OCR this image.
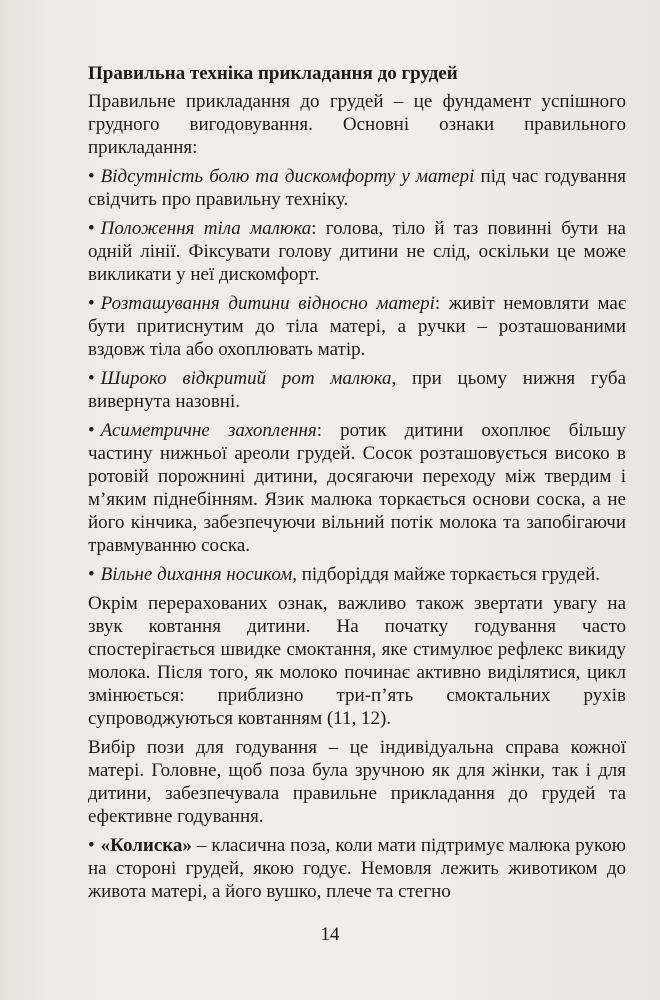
Правильна техніка прикладання до грудей

Правильне прикладання до грудей – це фундамент успішного грудного вигодовування. Основні ознаки правильного прикладання:

• Відсутність болю та дискомфорту у матері під час годування свідчить про правильну техніку.

• Положення тіла малюка: голова, тіло й таз повинні бути на одній лінії. Фіксувати голову дитини не слід, оскільки це може викликати у неї дискомфорт.

• Розташування дитини відносно матері: живіт немовляти має бути притиснутим до тіла матері, а ручки – розташованими вздовж тіла або охоплювать матір.

• Широко відкритий рот малюка, при цьому нижня губа вивернута назовні.

• Асиметричне захоплення: ротик дитини охоплює більшу частину нижньої ареоли грудей. Сосок розташовується високо в ротовій порожнині дитини, досягаючи переходу між твердим і м’яким піднебінням. Язик малюка торкається основи соска, а не його кінчика, забезпечуючи вільний потік молока та запобігаючи травмуванню соска.

• Вільне дихання носиком, підборіддя майже торкається грудей.

Окрім перерахованих ознак, важливо також звертати увагу на звук ковтання дитини. На початку годування часто спостерігається швидке смоктання, яке стимулює рефлекс викиду молока. Після того, як молоко починає активно виділятися, цикл змінюється: приблизно три-п’ять смоктальних рухів супроводжуються ковтанням (11, 12).

Вибір пози для годування – це індивідуальна справа кожної матері. Головне, щоб поза була зручною як для жінки, так і для дитини, забезпечувала правильне прикладання до грудей та ефективне годування.

• «Колиска» – класична поза, коли мати підтримує малюка рукою на стороні грудей, якою годує. Немовля лежить животиком до живота матері, а його вушко, плече та стегно

14
